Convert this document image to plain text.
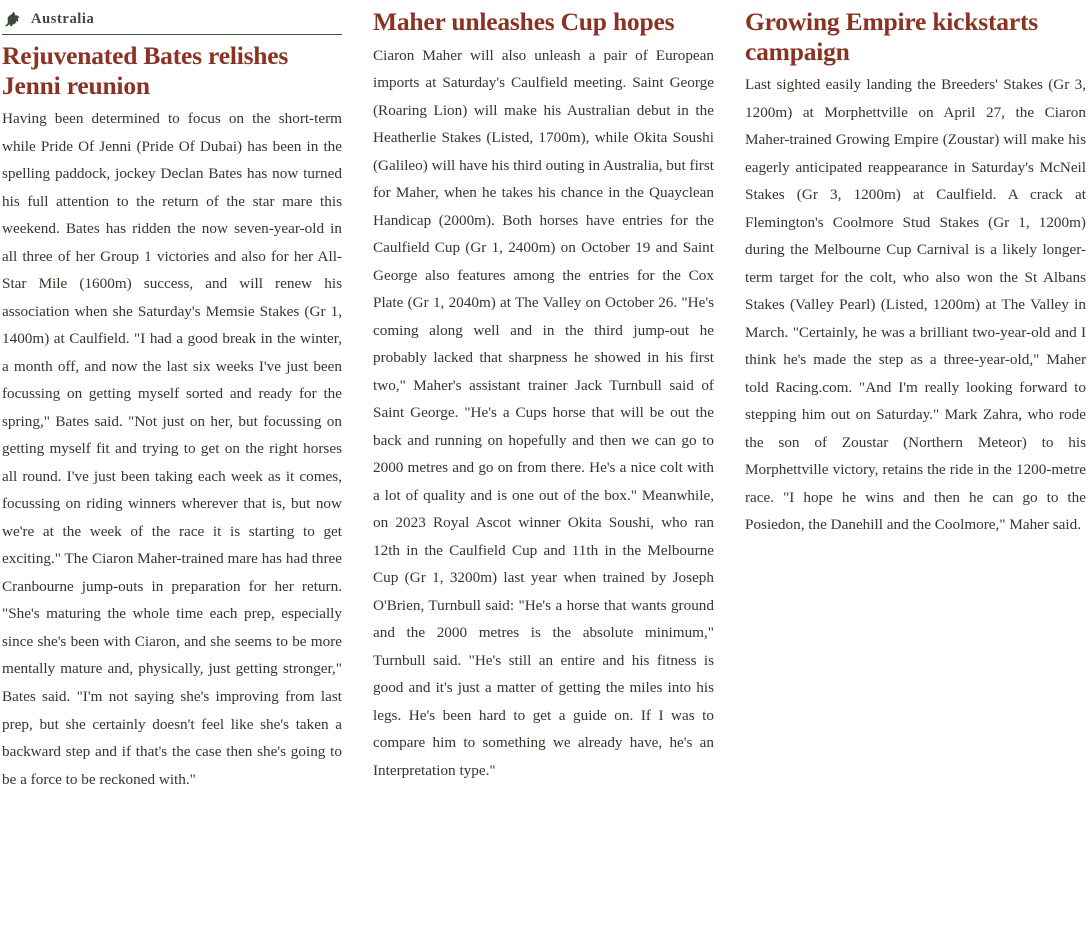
Australia
Rejuvenated Bates relishes Jenni reunion
Having been determined to focus on the short-term while Pride Of Jenni (Pride Of Dubai) has been in the spelling paddock, jockey Declan Bates has now turned his full attention to the return of the star mare this weekend. Bates has ridden the now seven-year-old in all three of her Group 1 victories and also for her All-Star Mile (1600m) success, and will renew his association when she Saturday's Memsie Stakes (Gr 1, 1400m) at Caulfield. "I had a good break in the winter, a month off, and now the last six weeks I've just been focussing on getting myself sorted and ready for the spring," Bates said. "Not just on her, but focussing on getting myself fit and trying to get on the right horses all round. I've just been taking each week as it comes, focussing on riding winners wherever that is, but now we're at the week of the race it is starting to get exciting." The Ciaron Maher-trained mare has had three Cranbourne jump-outs in preparation for her return. "She's maturing the whole time each prep, especially since she's been with Ciaron, and she seems to be more mentally mature and, physically, just getting stronger," Bates said. "I'm not saying she's improving from last prep, but she certainly doesn't feel like she's taken a backward step and if that's the case then she's going to be a force to be reckoned with."
Maher unleashes Cup hopes
Ciaron Maher will also unleash a pair of European imports at Saturday's Caulfield meeting. Saint George (Roaring Lion) will make his Australian debut in the Heatherlie Stakes (Listed, 1700m), while Okita Soushi (Galileo) will have his third outing in Australia, but first for Maher, when he takes his chance in the Quayclean Handicap (2000m). Both horses have entries for the Caulfield Cup (Gr 1, 2400m) on October 19 and Saint George also features among the entries for the Cox Plate (Gr 1, 2040m) at The Valley on October 26. "He's coming along well and in the third jump-out he probably lacked that sharpness he showed in his first two," Maher's assistant trainer Jack Turnbull said of Saint George. "He's a Cups horse that will be out the back and running on hopefully and then we can go to 2000 metres and go on from there. He's a nice colt with a lot of quality and is one out of the box." Meanwhile, on 2023 Royal Ascot winner Okita Soushi, who ran 12th in the Caulfield Cup and 11th in the Melbourne Cup (Gr 1, 3200m) last year when trained by Joseph O'Brien, Turnbull said: "He's a horse that wants ground and the 2000 metres is the absolute minimum," Turnbull said. "He's still an entire and his fitness is good and it's just a matter of getting the miles into his legs. He's been hard to get a guide on. If I was to compare him to something we already have, he's an Interpretation type."
Growing Empire kickstarts campaign
Last sighted easily landing the Breeders' Stakes (Gr 3, 1200m) at Morphettville on April 27, the Ciaron Maher-trained Growing Empire (Zoustar) will make his eagerly anticipated reappearance in Saturday's McNeil Stakes (Gr 3, 1200m) at Caulfield. A crack at Flemington's Coolmore Stud Stakes (Gr 1, 1200m) during the Melbourne Cup Carnival is a likely longer-term target for the colt, who also won the St Albans Stakes (Valley Pearl) (Listed, 1200m) at The Valley in March. "Certainly, he was a brilliant two-year-old and I think he's made the step as a three-year-old," Maher told Racing.com. "And I'm really looking forward to stepping him out on Saturday." Mark Zahra, who rode the son of Zoustar (Northern Meteor) to his Morphettville victory, retains the ride in the 1200-metre race. "I hope he wins and then he can go to the Posiedon, the Danehill and the Coolmore," Maher said.
